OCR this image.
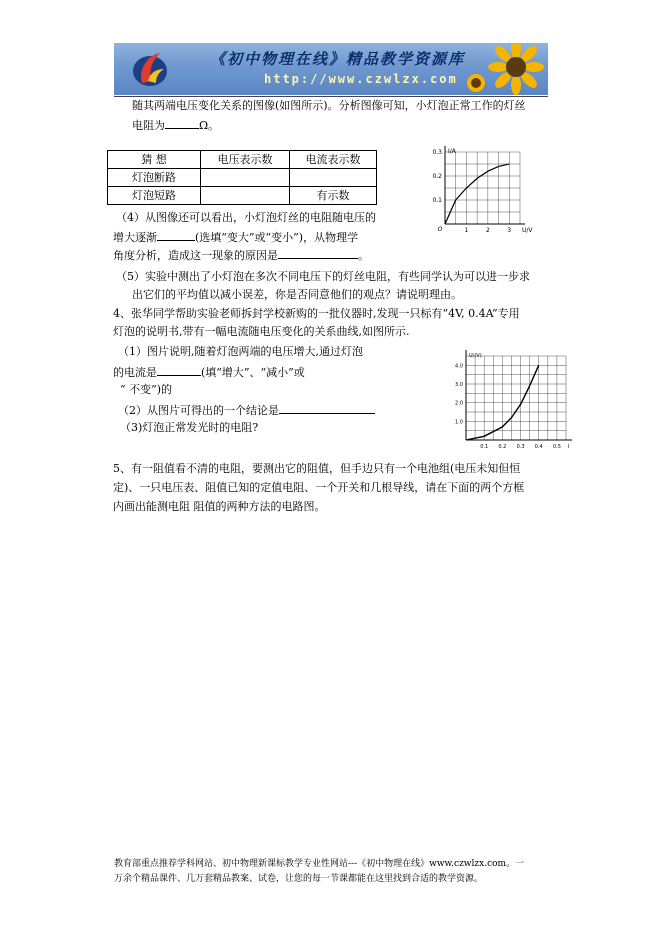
《初中物理在线》精品教学资源库
http://www.czwlzx.com
随其两端电压变化关系的图像(如图所示)。分析图像可知，小灯泡正常工作的灯丝
电阻为	Ω。
猜 想	电压表示数	电流表示数
灯泡断路		
灯泡短路		有示数
1	2	3
0.1
0.2
0.3 I/A
U/V
O
（4）从图像还可以看出，小灯泡灯丝的电阻随电压的
增大逐渐	(选填“变大”或“变小”)，从物理学
角度分析，造成这一现象的原因是	。
（5）实验中测出了小灯泡在多次不同电压下的灯丝电阻，有些同学认为可以进一步求
出它们的平均值以减小误差，你是否同意他们的观点？请说明理由。
4、张华同学帮助实验老师拆封学校新购的一批仪器时,发现一只标有“4V, 0.4A”专用
灯泡的说明书,带有一幅电流随电压变化的关系曲线,如图所示.
（1）图片说明,随着灯泡两端的电压增大,通过灯泡
的电流是	(填“增大”、“减小”或
“ 不变”)的
（2）从图片可得出的一个结论是
（3)灯泡正常发光时的电阻?
0.1 0.2 0.3 0.4 0.5
1.0
2.0
3.0
4.0
U/(V)
I
5、有一阻值看不清的电阻，要测出它的阻值，但手边只有一个电池组(电压未知但恒
定)、一只电压表、阻值已知的定值电阻、一个开关和几根导线，请在下面的两个方框
内画出能测电阻 阻值的两种方法的电路图。
教育部重点推荐学科网站、初中物理新课标教学专业性网站---《初中物理在线》www.czwlzx.com。一
万余个精品课件、几万套精品教案、试卷，让您的每一节课都能在这里找到合适的教学资源。
